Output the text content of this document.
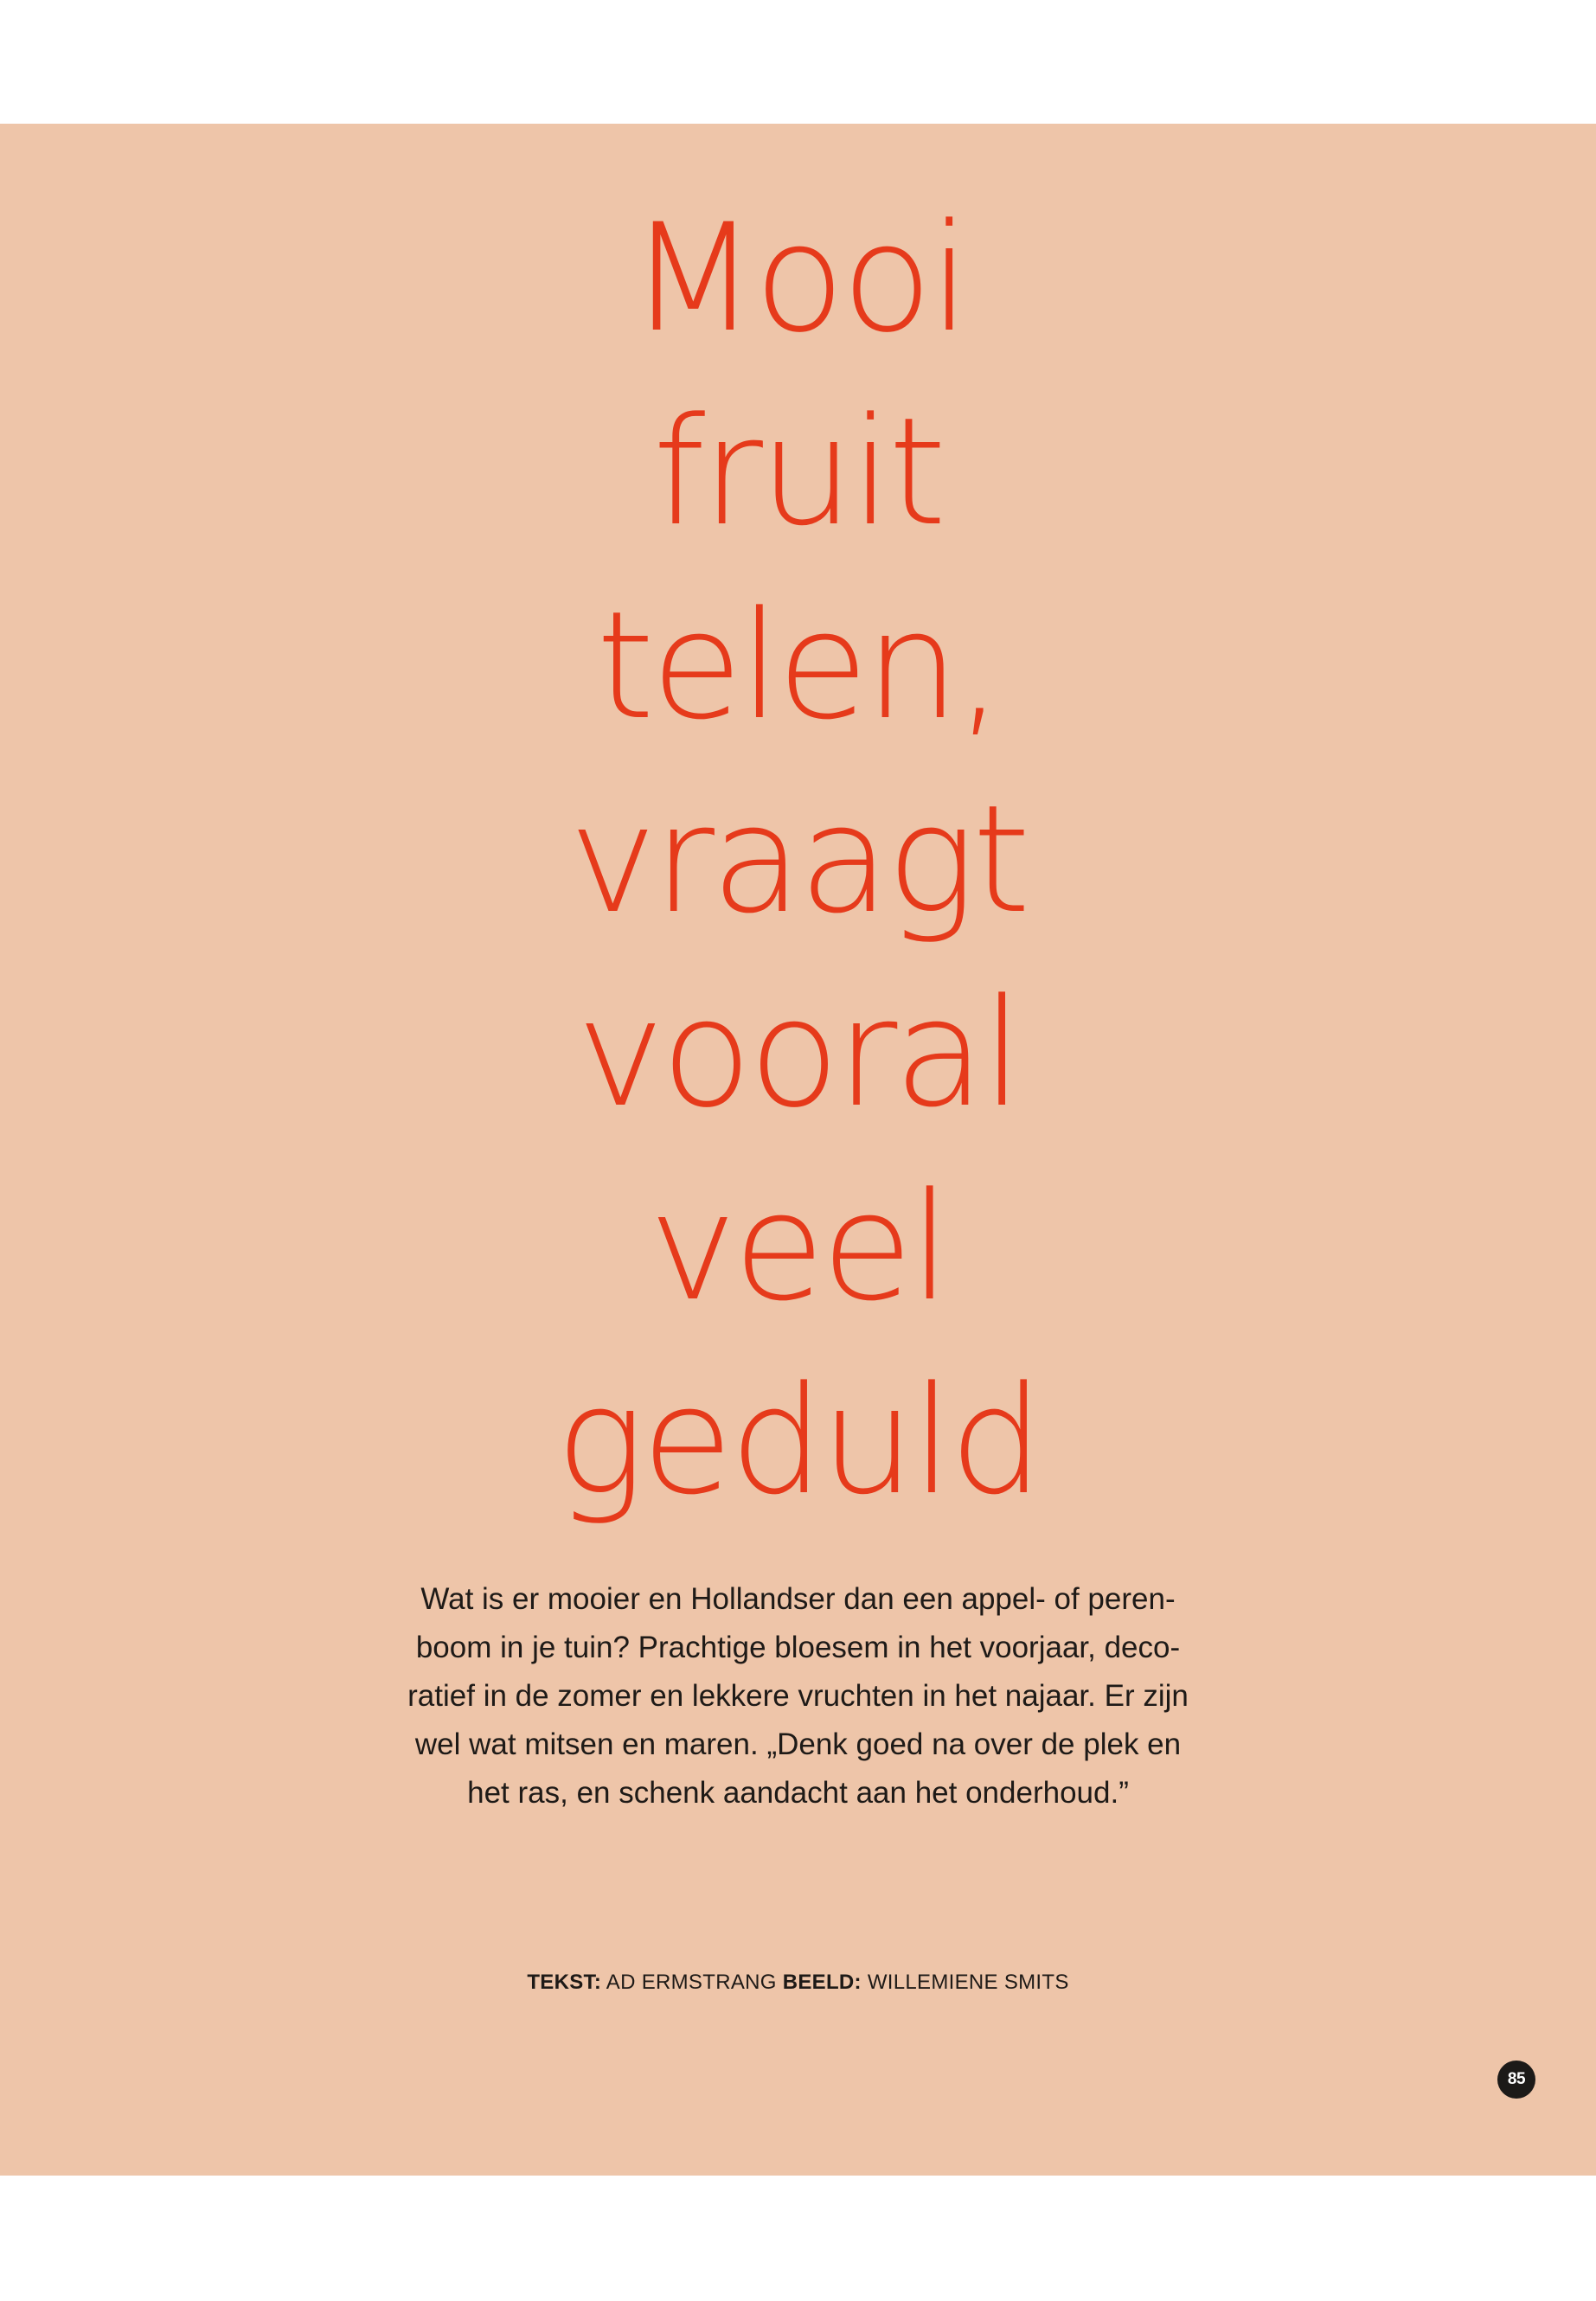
Mooi
fruit
telen,
vraagt
vooral
veel
geduld

Wat is er mooier en Hollandser dan een appel- of peren-
boom in je tuin? Prachtige bloesem in het voorjaar, deco-
ratief in de zomer en lekkere vruchten in het najaar. Er zijn
wel wat mitsen en maren. „Denk goed na over de plek en
het ras, en schenk aandacht aan het onderhoud.”

TEKST: AD ERMSTRANG BEELD: WILLEMIENE SMITS
85
